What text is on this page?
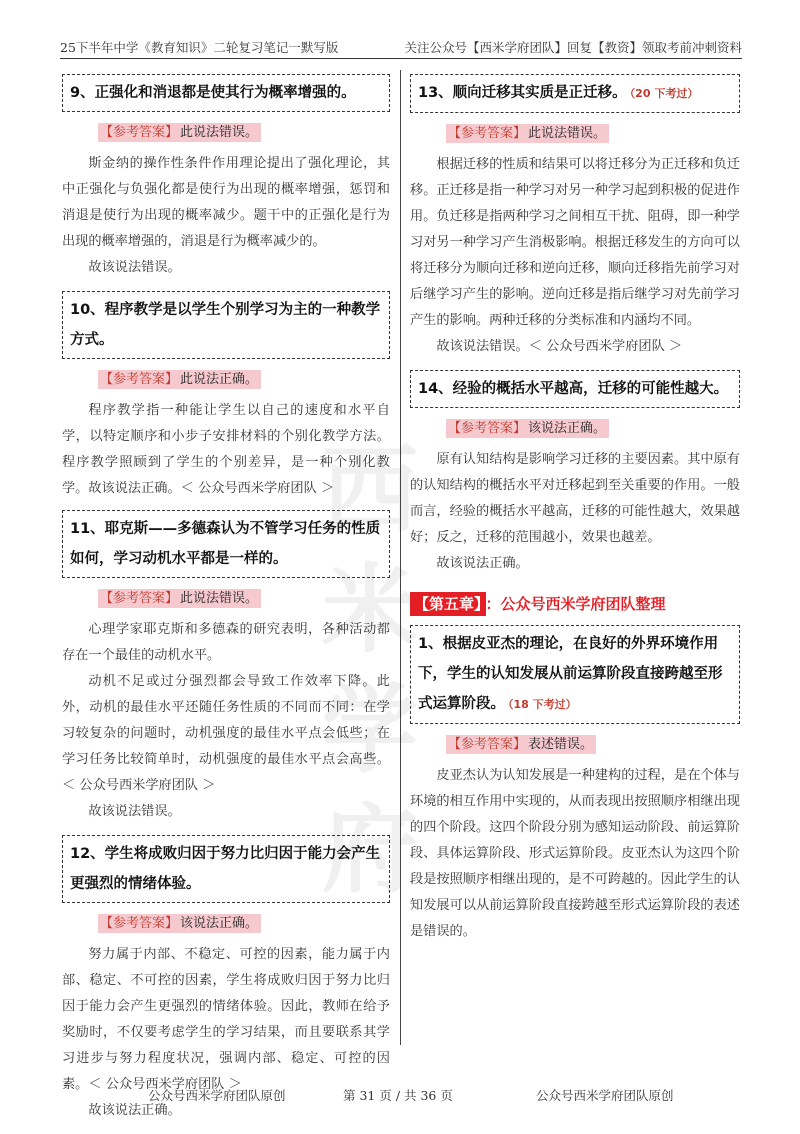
25下半年中学《教育知识》二轮复习笔记一默写版	关注公众号【西米学府团队】回复【教资】领取考前冲刺资料
西米学府
9、正强化和消退都是使其行为概率增强的。
【参考答案】 此说法错误。

斯金纳的操作性条件作用理论提出了强化理论，其中正强化与负强化都是使行为出现的概率增强，惩罚和消退是使行为出现的概率减少。题干中的正强化是行为出现的概率增强的，消退是行为概率减少的。

故该说法错误。

10、程序教学是以学生个别学习为主的一种教学方式。
【参考答案】 此说法正确。

程序教学指一种能让学生以自己的速度和水平自学，以特定顺序和小步子安排材料的个别化教学方法。程序教学照顾到了学生的个别差异，是一种个别化教学。故该说法正确。＜ 公众号西米学府团队 ＞

11、耶克斯——多德森认为不管学习任务的性质如何，学习动机水平都是一样的。
【参考答案】 此说法错误。

心理学家耶克斯和多德森的研究表明，各种活动都存在一个最佳的动机水平。

动机不足或过分强烈都会导致工作效率下降。此外，动机的最佳水平还随任务性质的不同而不同：在学习较复杂的问题时，动机强度的最佳水平点会低些；在学习任务比较简单时，动机强度的最佳水平点会高些。＜ 公众号西米学府团队 ＞

故该说法错误。

12、学生将成败归因于努力比归因于能力会产生更强烈的情绪体验。
【参考答案】 该说法正确。

努力属于内部、不稳定、可控的因素，能力属于内部、稳定、不可控的因素，学生将成败归因于努力比归因于能力会产生更强烈的情绪体验。因此，教师在给予奖励时，不仅要考虑学生的学习结果，而且要联系其学习进步与努力程度状况，强调内部、稳定、可控的因素。＜ 公众号西米学府团队 ＞

故该说法正确。

13、顺向迁移其实质是正迁移。 （20 下考过）
【参考答案】 此说法错误。

根据迁移的性质和结果可以将迁移分为正迁移和负迁移。正迁移是指一种学习对另一种学习起到积极的促进作用。负迁移是指两种学习之间相互干扰、阻碍，即一种学习对另一种学习产生消极影响。根据迁移发生的方向可以将迁移分为顺向迁移和逆向迁移，顺向迁移指先前学习对后继学习产生的影响。逆向迁移是指后继学习对先前学习产生的影响。两种迁移的分类标准和内涵均不同。

故该说法错误。＜ 公众号西米学府团队 ＞

14、经验的概括水平越高，迁移的可能性越大。
【参考答案】 该说法正确。

原有认知结构是影响学习迁移的主要因素。其中原有的认知结构的概括水平对迁移起到至关重要的作用。一般而言，经验的概括水平越高，迁移的可能性越大，效果越好；反之，迁移的范围越小，效果也越差。

故该说法正确。

【第五章】 ：公众号西米学府团队整理
1、根据皮亚杰的理论，在良好的外界环境作用下，学生的认知发展从前运算阶段直接跨越至形式运算阶段。 （18 下考过）
【参考答案】 表述错误。

皮亚杰认为认知发展是一种建构的过程，是在个体与环境的相互作用中实现的，从而表现出按照顺序相继出现的四个阶段。这四个阶段分别为感知运动阶段、前运算阶段、具体运算阶段、形式运算阶段。皮亚杰认为这四个阶段是按照顺序相继出现的，是不可跨越的。因此学生的认知发展可以从前运算阶段直接跨越至形式运算阶段的表述是错误的。

公众号西米学府团队原创	第 31 页 / 共 36 页	公众号西米学府团队原创
